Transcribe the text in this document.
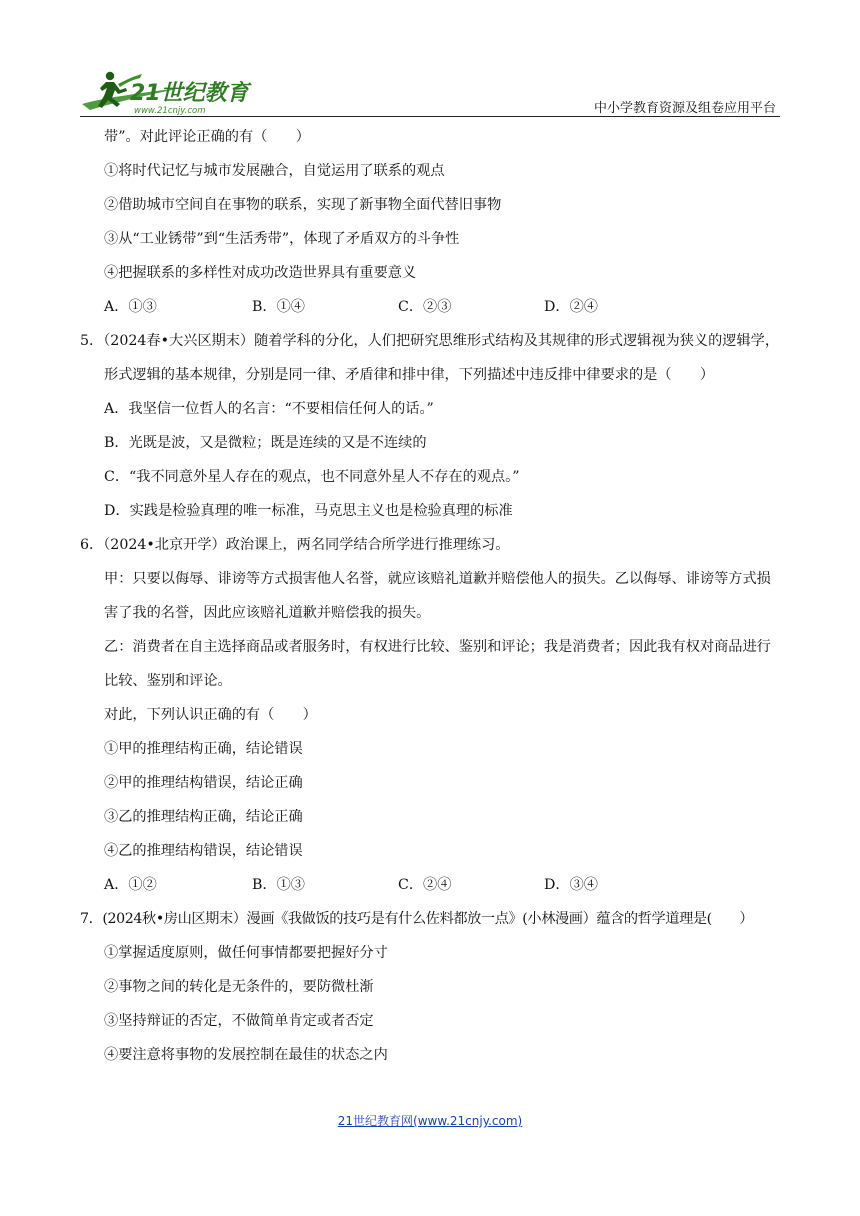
21世纪教育
www.21cnjy.com	中小学教育资源及组卷应用平台
带”。对此评论正确的有（　　）
①将时代记忆与城市发展融合，自觉运用了联系的观点
②借助城市空间自在事物的联系，实现了新事物全面代替旧事物
③从“工业锈带”到“生活秀带”，体现了矛盾双方的斗争性
④把握联系的多样性对成功改造世界具有重要意义
A．①③	B．①④	C．②③	D．②④
5．（2024春•大兴区期末）随着学科的分化，人们把研究思维形式结构及其规律的形式逻辑视为狭义的逻辑学，形式逻辑的基本规律，分别是同一律、矛盾律和排中律，下列描述中违反排中律要求的是（　　）
A．我坚信一位哲人的名言：“不要相信任何人的话。”
B．光既是波，又是微粒；既是连续的又是不连续的
C．“我不同意外星人存在的观点，也不同意外星人不存在的观点。”
D．实践是检验真理的唯一标准，马克思主义也是检验真理的标准
6．（2024•北京开学）政治课上，两名同学结合所学进行推理练习。
甲：只要以侮辱、诽谤等方式损害他人名誉，就应该赔礼道歉并赔偿他人的损失。乙以侮辱、诽谤等方式损害了我的名誉，因此应该赔礼道歉并赔偿我的损失。
乙：消费者在自主选择商品或者服务时，有权进行比较、鉴别和评论；我是消费者；因此我有权对商品进行比较、鉴别和评论。
对此，下列认识正确的有（　　）
①甲的推理结构正确，结论错误
②甲的推理结构错误，结论正确
③乙的推理结构正确，结论正确
④乙的推理结构错误，结论错误
A．①②	B．①③	C．②④	D．③④
7．(2024秋•房山区期末）漫画《我做饭的技巧是有什么佐料都放一点》(小林漫画）蕴含的哲学道理是(　　）
①掌握适度原则，做任何事情都要把握好分寸
②事物之间的转化是无条件的，要防微杜渐
③坚持辩证的否定，不做简单肯定或者否定
④要注意将事物的发展控制在最佳的状态之内
21世纪教育网(www.21cnjy.com)
